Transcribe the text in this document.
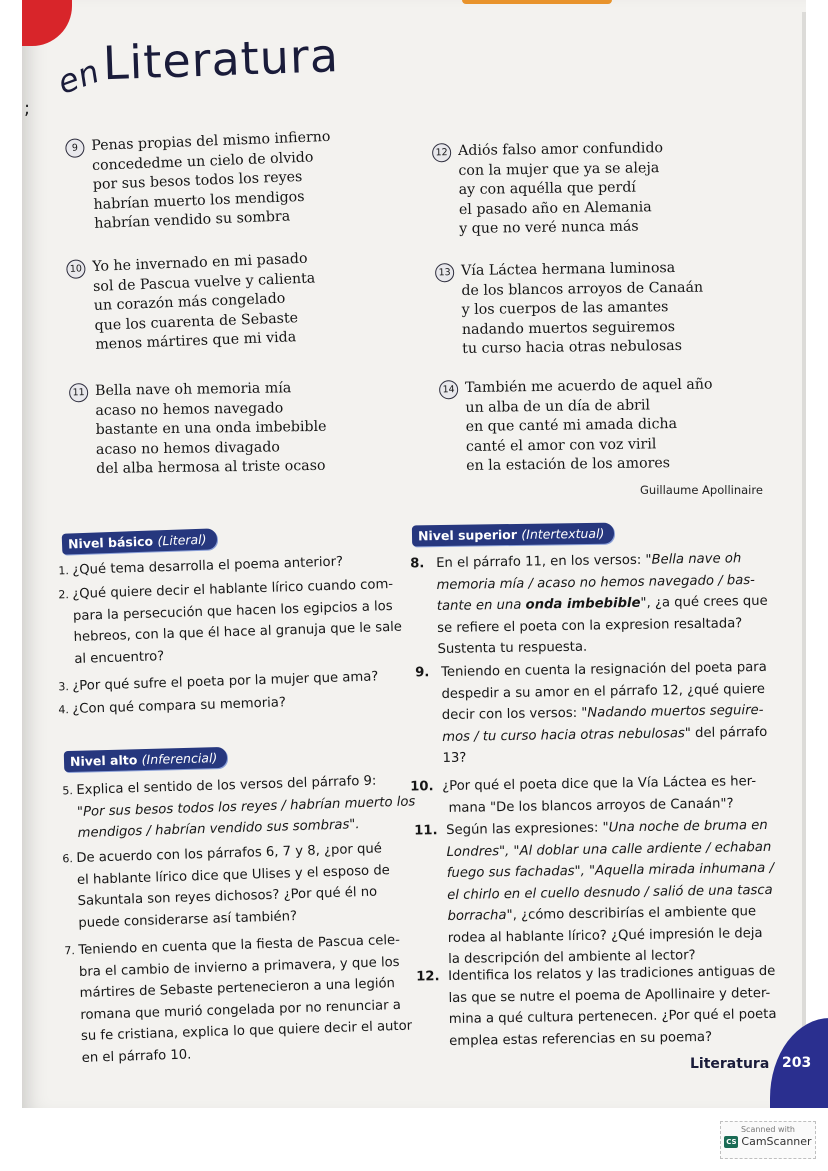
;
enLiteratura
9 Penas propias del mismo infierno
concededme un cielo de olvido
por sus besos todos los reyes
habrían muerto los mendigos
habrían vendido su sombra
10 Yo he invernado en mi pasado
sol de Pascua vuelve y calienta
un corazón más congelado
que los cuarenta de Sebaste
menos mártires que mi vida
11 Bella nave oh memoria mía
acaso no hemos navegado
bastante en una onda imbebible
acaso no hemos divagado
del alba hermosa al triste ocaso
12 Adiós falso amor confundido
con la mujer que ya se aleja
ay con aquélla que perdí
el pasado año en Alemania
y que no veré nunca más
13 Vía Láctea hermana luminosa
de los blancos arroyos de Canaán
y los cuerpos de las amantes
nadando muertos seguiremos
tu curso hacia otras nebulosas
14 También me acuerdo de aquel año
un alba de un día de abril
en que canté mi amada dicha
canté el amor con voz viril
en la estación de los amores
Guillaume Apollinaire
Nivel básico (Literal)
Nivel alto (Inferencial)
Nivel superior (Intertextual)
1. ¿Qué tema desarrolla el poema anterior?
2. ¿Qué quiere decir el hablante lírico cuando com-
para la persecución que hacen los egipcios a los
hebreos, con la que él hace al granuja que le sale
al encuentro?
3. ¿Por qué sufre el poeta por la mujer que ama?
4. ¿Con qué compara su memoria?
5. Explica el sentido de los versos del párrafo 9:
"Por sus besos todos los reyes / habrían muerto los
mendigos / habrían vendido sus sombras".
6. De acuerdo con los párrafos 6, 7 y 8, ¿por qué
el hablante lírico dice que Ulises y el esposo de
Sakuntala son reyes dichosos? ¿Por qué él no
puede considerarse así también?
7. Teniendo en cuenta que la fiesta de Pascua cele-
bra el cambio de invierno a primavera, y que los
mártires de Sebaste pertenecieron a una legión
romana que murió congelada por no renunciar a
su fe cristiana, explica lo que quiere decir el autor
en el párrafo 10.
8. En el párrafo 11, en los versos: "Bella nave oh
memoria mía / acaso no hemos navegado / bas-
tante en una onda imbebible", ¿a qué crees que
se refiere el poeta con la expresion resaltada?
Sustenta tu respuesta.
9. Teniendo en cuenta la resignación del poeta para
despedir a su amor en el párrafo 12, ¿qué quiere
decir con los versos: "Nadando muertos seguire-
mos / tu curso hacia otras nebulosas" del párrafo
13?
10. ¿Por qué el poeta dice que la Vía Láctea es her-
mana "De los blancos arroyos de Canaán"?
11. Según las expresiones: "Una noche de bruma en
Londres", "Al doblar una calle ardiente / echaban
fuego sus fachadas", "Aquella mirada inhumana /
el chirlo en el cuello desnudo / salió de una tasca
borracha", ¿cómo describirías el ambiente que
rodea al hablante lírico? ¿Qué impresión le deja
la descripción del ambiente al lector?
12. Identifica los relatos y las tradiciones antiguas de
las que se nutre el poema de Apollinaire y deter-
mina a qué cultura pertenecen. ¿Por qué el poeta
emplea estas referencias en su poema?
Literatura 203
Scanned with
CS CamScanner
